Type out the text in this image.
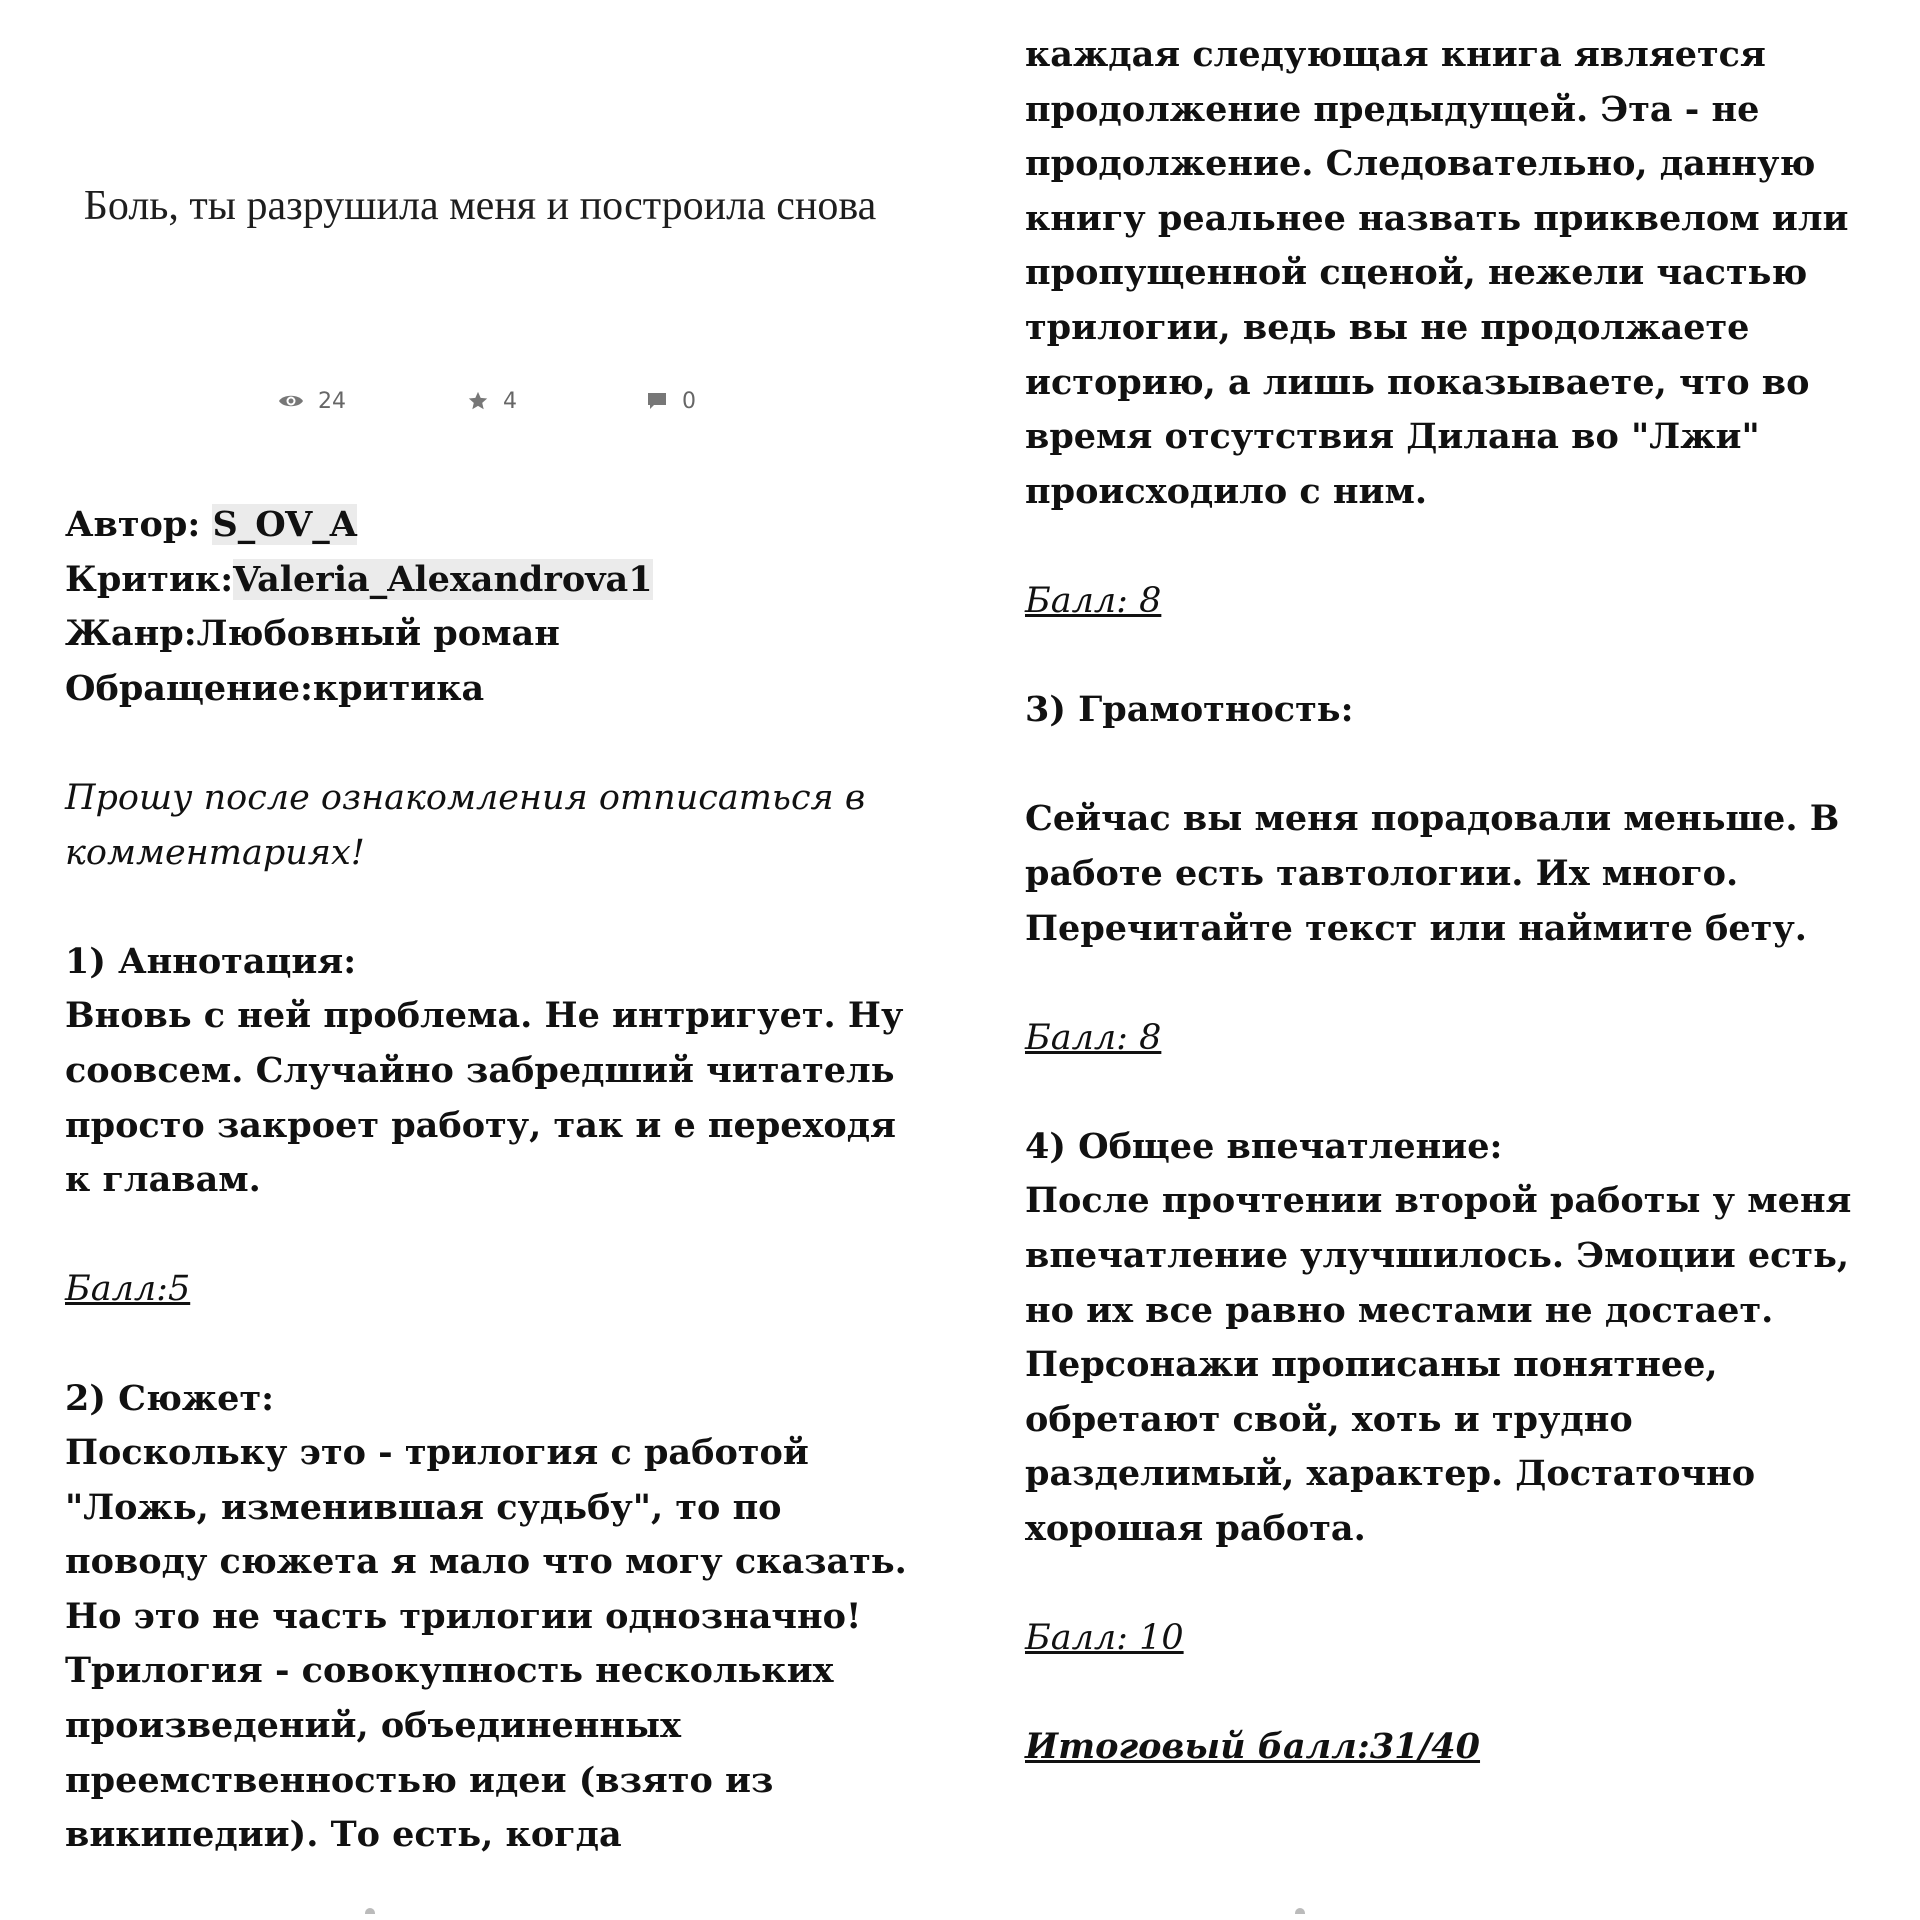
Боль, ты разрушила меня и построила снова
24	4	0

Автор: S_OV_A

Критик:Valeria_Alexandrova1

Жанр:Любовный роман

Обращение:критика

Прошу после ознакомления отписаться в комментариях!

1) Аннотация:

Вновь с ней проблема. Не интригует. Ну соовсем. Случайно забредший читатель просто закроет работу, так и е переходя к главам.

Балл:5

2) Сюжет:

Поскольку это - трилогия с работой "Ложь, изменившая судьбу", то по поводу сюжета я мало что могу сказать. Но это не часть трилогии однозначно! Трилогия - совокупность нескольких произведений, объединенных преемственностью идеи (взято из википедии). То есть, когда

каждая следующая книга является продолжение предыдущей. Эта - не продолжение. Следовательно, данную книгу реальнее назвать приквелом или пропущенной сценой, нежели частью трилогии, ведь вы не продолжаете историю, а лишь показываете, что во время отсутствия Дилана во "Лжи" происходило с ним.

Балл: 8

3) Грамотность:

Сейчас вы меня порадовали меньше. В работе есть тавтологии. Их много. Перечитайте текст или наймите бету.

Балл: 8

4) Общее впечатление:

После прочтении второй работы у меня впечатление улучшилось. Эмоции есть, но их все равно местами не достает. Персонажи прописаны понятнее, обретают свой, хоть и трудно разделимый, характер. Достаточно хорошая работа.

Балл: 10

Итоговый балл:31/40
